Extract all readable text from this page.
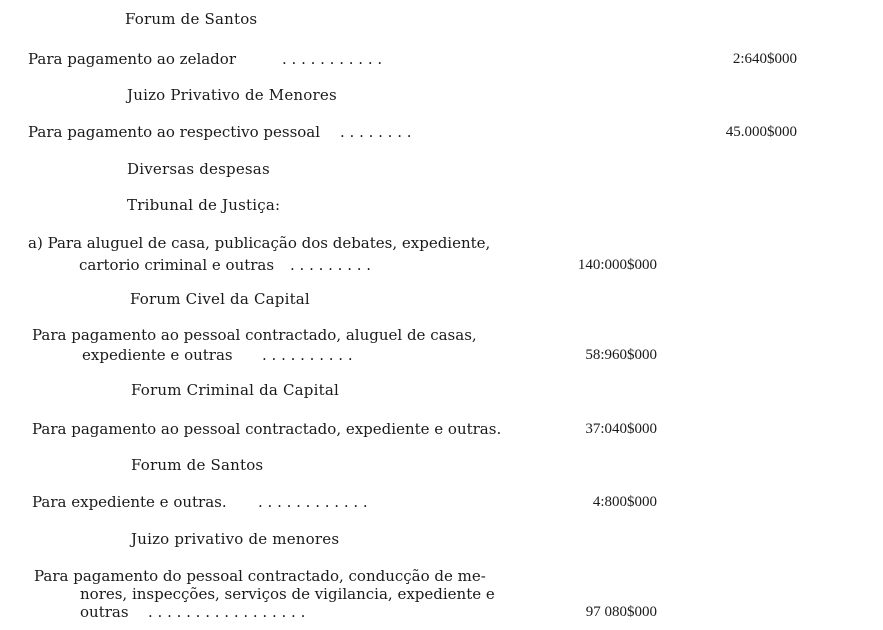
Forum de Santos
Para pagamento ao zelador	. . . . . . . . . . .	2:640$000
Juizo Privativo de Menores
Para pagamento ao respectivo pessoal . . . . . . . .	45.000$000
Diversas despesas
Tribunal de Justiça:
a) Para aluguel de casa, publicação dos debates, expediente,
cartorio criminal e outras . . . . . . . . .	140:000$000
Forum Civel da Capital
Para pagamento ao pessoal contractado, aluguel de casas,
expediente e outras . . . . . . . . . .	58:960$000
Forum Criminal da Capital
Para pagamento ao pessoal contractado, expediente e outras.	37:040$000
Forum de Santos
Para expediente e outras. . . . . . . . . . . . .	4:800$000
Juizo privativo de menores
Para pagamento do pessoal contractado, conducção de me-
nores, inspecções, serviços de vigilancia, expediente e
outras . . . . . . . . . . . . . . . . .	97 080$000
